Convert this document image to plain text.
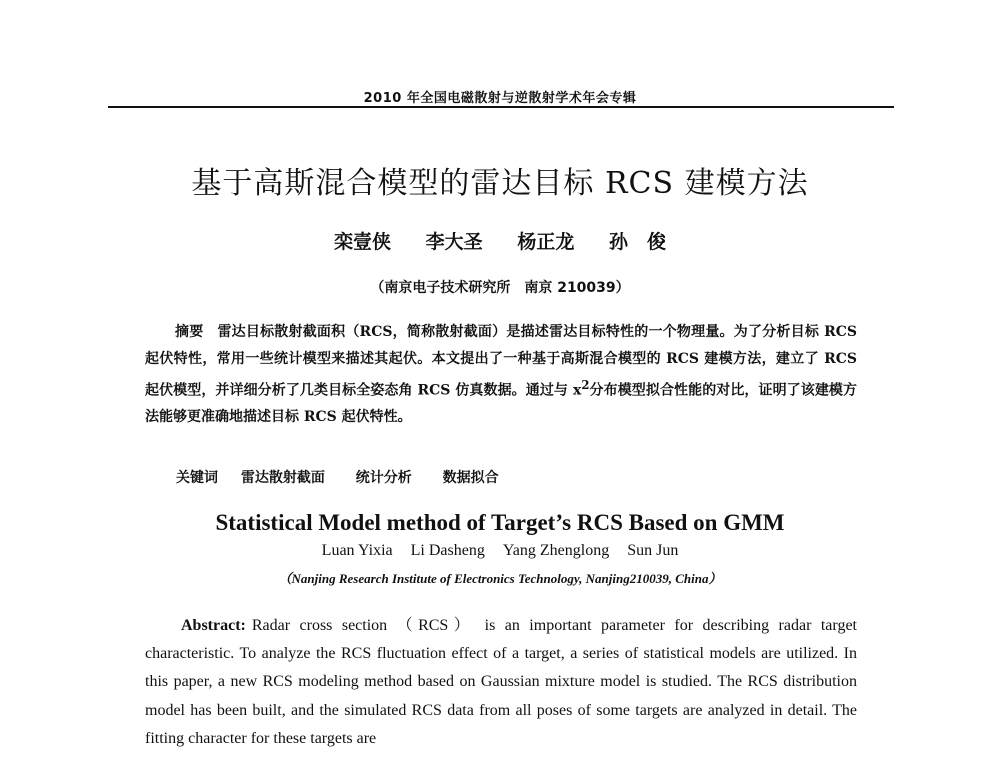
2010 年全国电磁散射与逆散射学术年会专辑
基于高斯混合模型的雷达目标 RCS 建模方法
栾壹侠 李大圣 杨正龙 孙　俊
（南京电子技术研究所　南京 210039）
摘要 雷达目标散射截面积（RCS，简称散射截面）是描述雷达目标特性的一个物理量。为了分析目标 RCS 起伏特性，常用一些统计模型来描述其起伏。本文提出了一种基于高斯混合模型的 RCS 建模方法，建立了 RCS 起伏模型，并详细分析了几类目标全姿态角 RCS 仿真数据。通过与 $x^2$分布模型拟合性能的对比，证明了该建模方法能够更准确地描述目标 RCS 起伏特性。
关键词 雷达散射截面 统计分析 数据拟合
Statistical Model method of Target’s RCS Based on GMM
Luan Yixia Li Dasheng Yang Zhenglong Sun Jun
（Nanjing Research Institute of Electronics Technology, Nanjing210039, China）
Abstract: Radar cross section （RCS） is an important parameter for describing radar target characteristic. To analyze the RCS fluctuation effect of a target, a series of statistical models are utilized. In this paper, a new RCS modeling method based on Gaussian mixture model is studied. The RCS distribution model has been built, and the simulated RCS data from all poses of some targets are analyzed in detail. The fitting character for these targets are
